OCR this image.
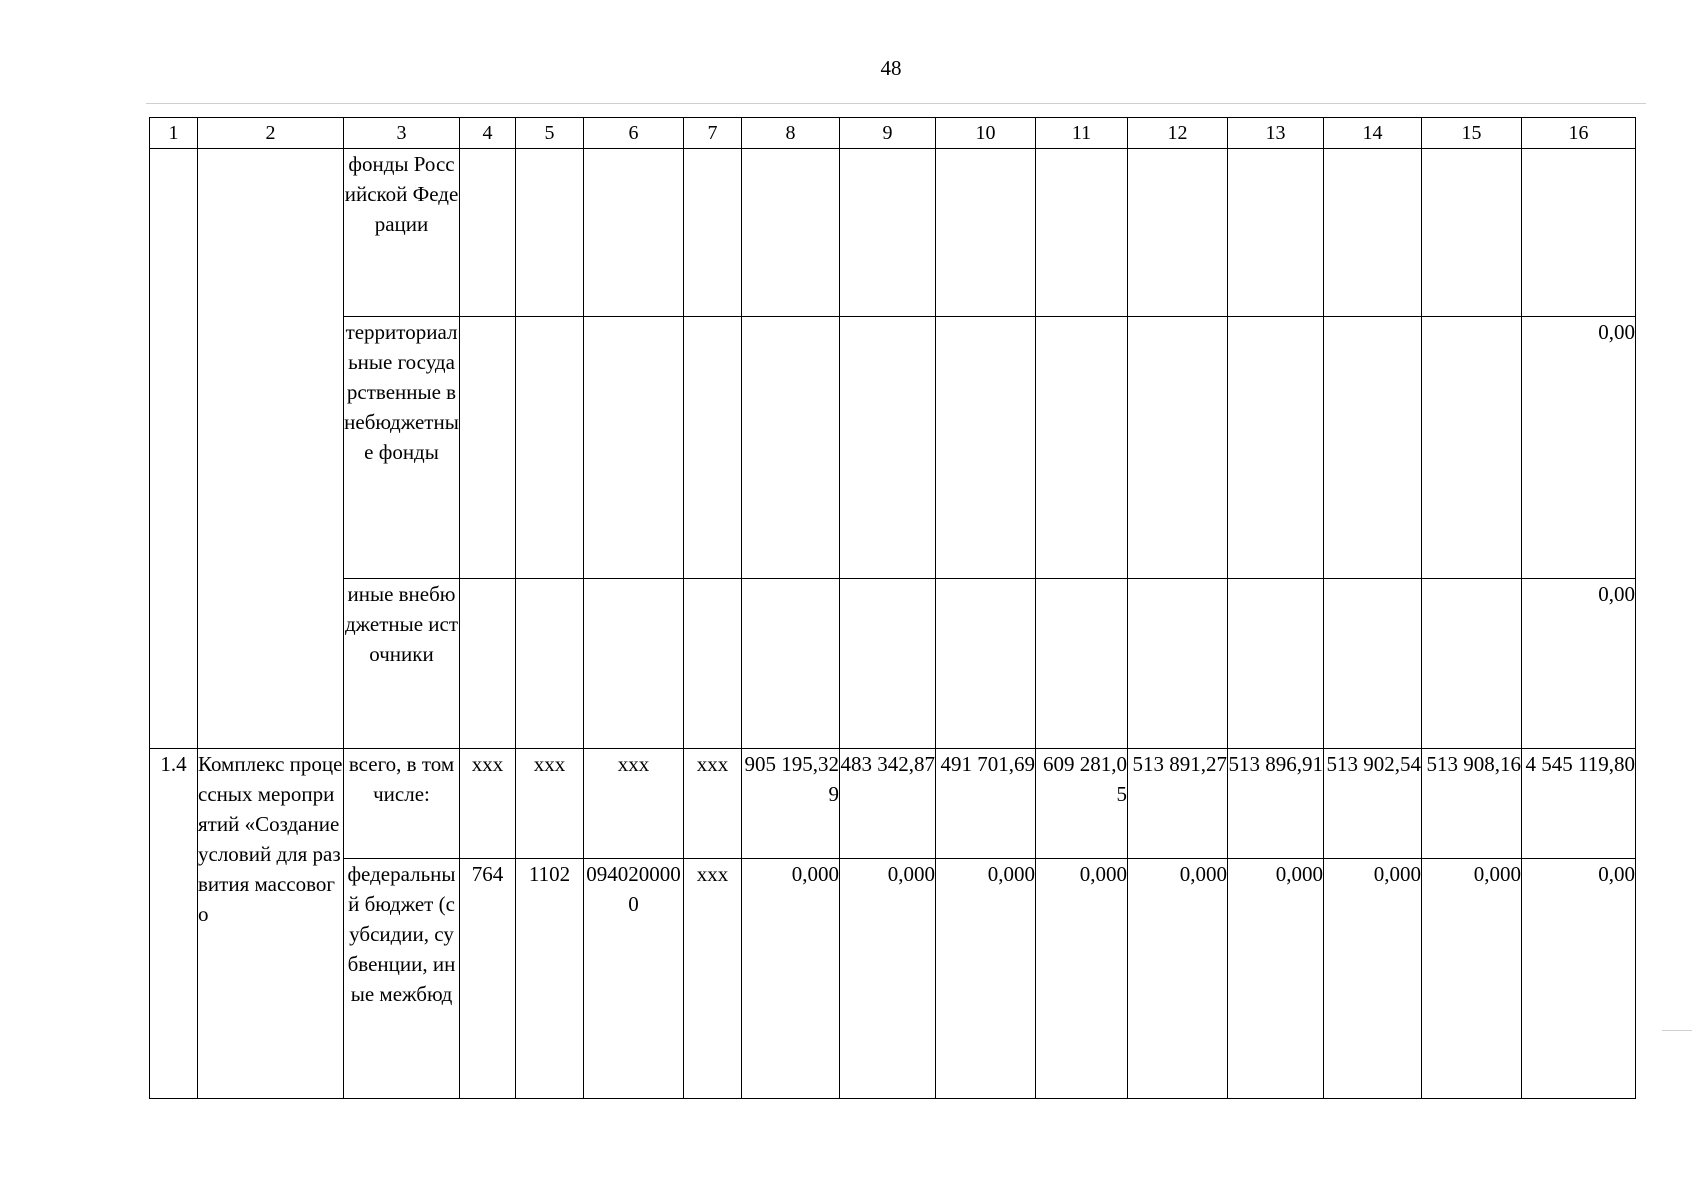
48
1	2	3	4	5	6	7	8	9	10	11	12	13	14	15	16
		фонды Российской Федерации													
		территориальные государственные внебюджетные фонды													0,00
		иные внебюджетные источники													0,00
1.4	Комплекс процессных мероприятий «Создание условий для развития массового	всего, в том числе:	ххх	ххх	ххх	ххх	905 195,329	483 342,87	491 701,69	609 281,05	513 891,27	513 896,91	513 902,54	513 908,16	4 545 119,80
		федеральный бюджет (субсидии, субвенции, иные межбюд	764	1102	0940200000	ххх	0,000	0,000	0,000	0,000	0,000	0,000	0,000	0,000	0,00
